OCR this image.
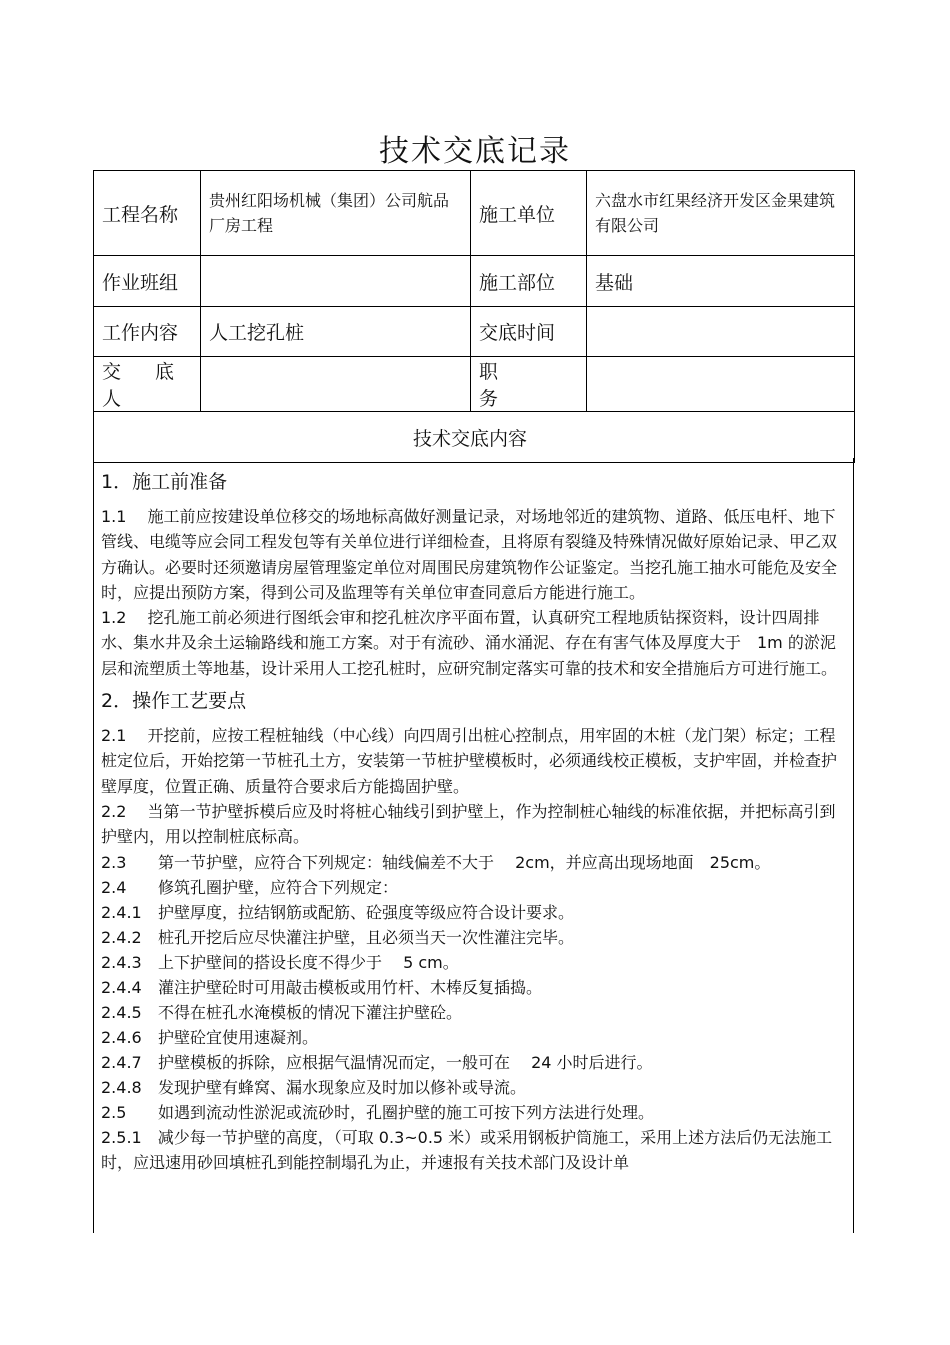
技术交底记录
工程名称	贵州红阳场机械（集团）公司航品厂房工程	施工单位	六盘水市红果经济开发区金果建筑有限公司
作业班组		施工部位	基础
工作内容	人工挖孔桩	交底时间	
交 底 人		职 务	
技术交底内容			
1．施工前准备

1.1　 施工前应按建设单位移交的场地标高做好测量记录，对场地邻近的建筑物、道路、低压电杆、地下管线、电缆等应会同工程发包等有关单位进行详细检查，且将原有裂缝及特殊情况做好原始记录、甲乙双方确认。必要时还须邀请房屋管理鉴定单位对周围民房建筑物作公证鉴定。当挖孔施工抽水可能危及安全时，应提出预防方案，得到公司及监理等有关单位审查同意后方能进行施工。

1.2　 挖孔施工前必须进行图纸会审和挖孔桩次序平面布置，认真研究工程地质钻探资料，设计四周排水、集水井及余土运输路线和施工方案。对于有流砂、涌水涌泥、存在有害气体及厚度大于　1m 的淤泥层和流塑质土等地基，设计采用人工挖孔桩时，应研究制定落实可靠的技术和安全措施后方可进行施工。

2．操作工艺要点

2.1　 开挖前，应按工程桩轴线（中心线）向四周引出桩心控制点，用牢固的木桩（龙门架）标定；工程桩定位后，开始挖第一节桩孔土方，安装第一节桩护壁模板时，必须通线校正模板，支护牢固，并检查护壁厚度，位置正确、质量符合要求后方能捣固护壁。

2.2　 当第一节护壁拆模后应及时将桩心轴线引到护壁上，作为控制桩心轴线的标准依据，并把标高引到护壁内，用以控制桩底标高。

2.3 第一节护壁，应符合下列规定：轴线偏差不大于　 2cm，并应高出现场地面　25cm。
2.4 修筑孔圈护壁，应符合下列规定：
2.4.1 护壁厚度，拉结钢筋或配筋、砼强度等级应符合设计要求。
2.4.2 桩孔开挖后应尽快灌注护壁，且必须当天一次性灌注完毕。
2.4.3 上下护壁间的搭设长度不得少于　 5 cm。
2.4.4 灌注护壁砼时可用敲击模板或用竹杆、木棒反复插捣。
2.4.5 不得在桩孔水淹模板的情况下灌注护壁砼。
2.4.6 护壁砼宜使用速凝剂。
2.4.7 护壁模板的拆除，应根据气温情况而定，一般可在　 24 小时后进行。
2.4.8 发现护壁有蜂窝、漏水现象应及时加以修补或导流。
2.5 如遇到流动性淤泥或流砂时，孔圈护壁的施工可按下列方法进行处理。

2.5.1　减少每一节护壁的高度，（可取 0.3~0.5 米）或采用钢板护筒施工，采用上述方法后仍无法施工时，应迅速用砂回填桩孔到能控制塌孔为止，并速报有关技术部门及设计单
